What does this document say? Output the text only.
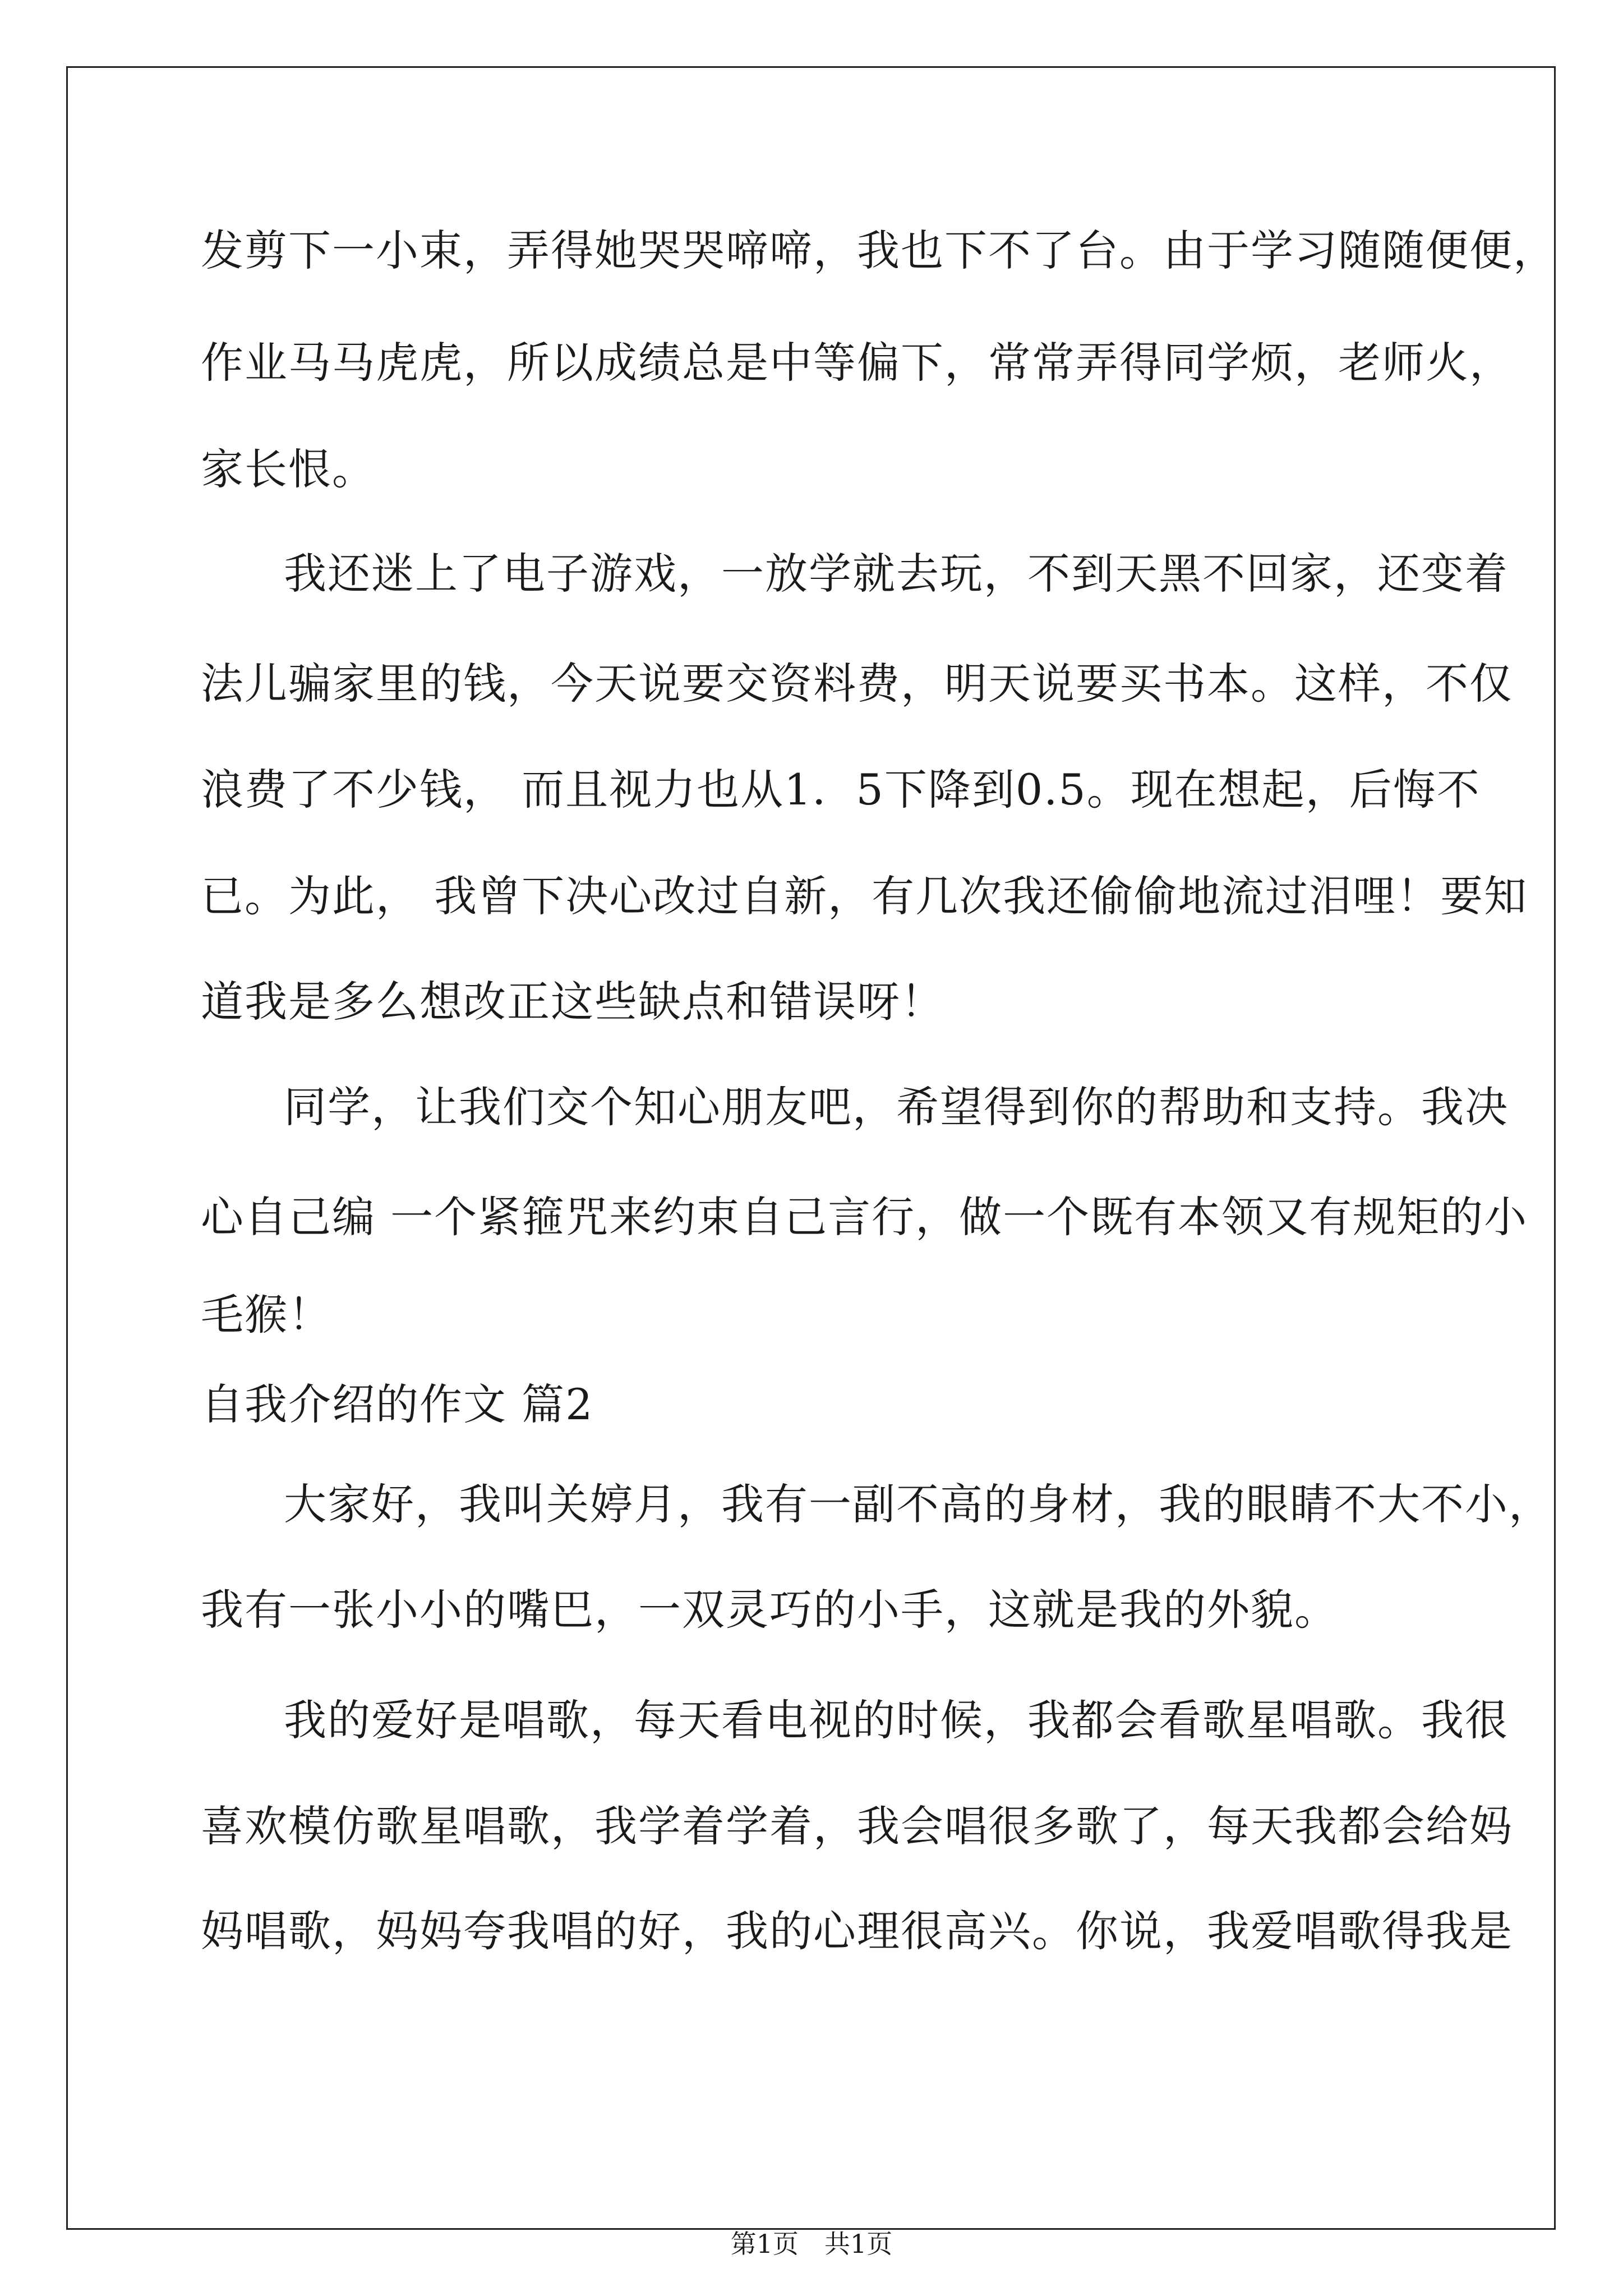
发剪下一小束，弄得她哭哭啼啼，我也下不了台。由于学习随随便便，
作业马马虎虎，所以成绩总是中等偏下，常常弄得同学烦，老师火，
家长恨。
我还迷上了电子游戏，一放学就去玩，不到天黑不回家，还变着
法儿骗家里的钱，今天说要交资料费，明天说要买书本。这样，不仅
浪费了不少钱， 而且视力也从1．5下降到0.5。现在想起，后悔不
已。为此， 我曾下决心改过自新，有几次我还偷偷地流过泪哩！要知
道我是多么想改正这些缺点和错误呀！
同学，让我们交个知心朋友吧，希望得到你的帮助和支持。我决
心自己编 一个紧箍咒来约束自己言行，做一个既有本领又有规矩的小
毛猴！
自我介绍的作文 篇2
大家好，我叫关婷月，我有一副不高的身材，我的眼睛不大不小，
我有一张小小的嘴巴，一双灵巧的小手，这就是我的外貌。
我的爱好是唱歌，每天看电视的时候，我都会看歌星唱歌。我很
喜欢模仿歌星唱歌，我学着学着，我会唱很多歌了，每天我都会给妈
妈唱歌，妈妈夸我唱的好，我的心理很高兴。你说，我爱唱歌得我是
第1页　共1页
